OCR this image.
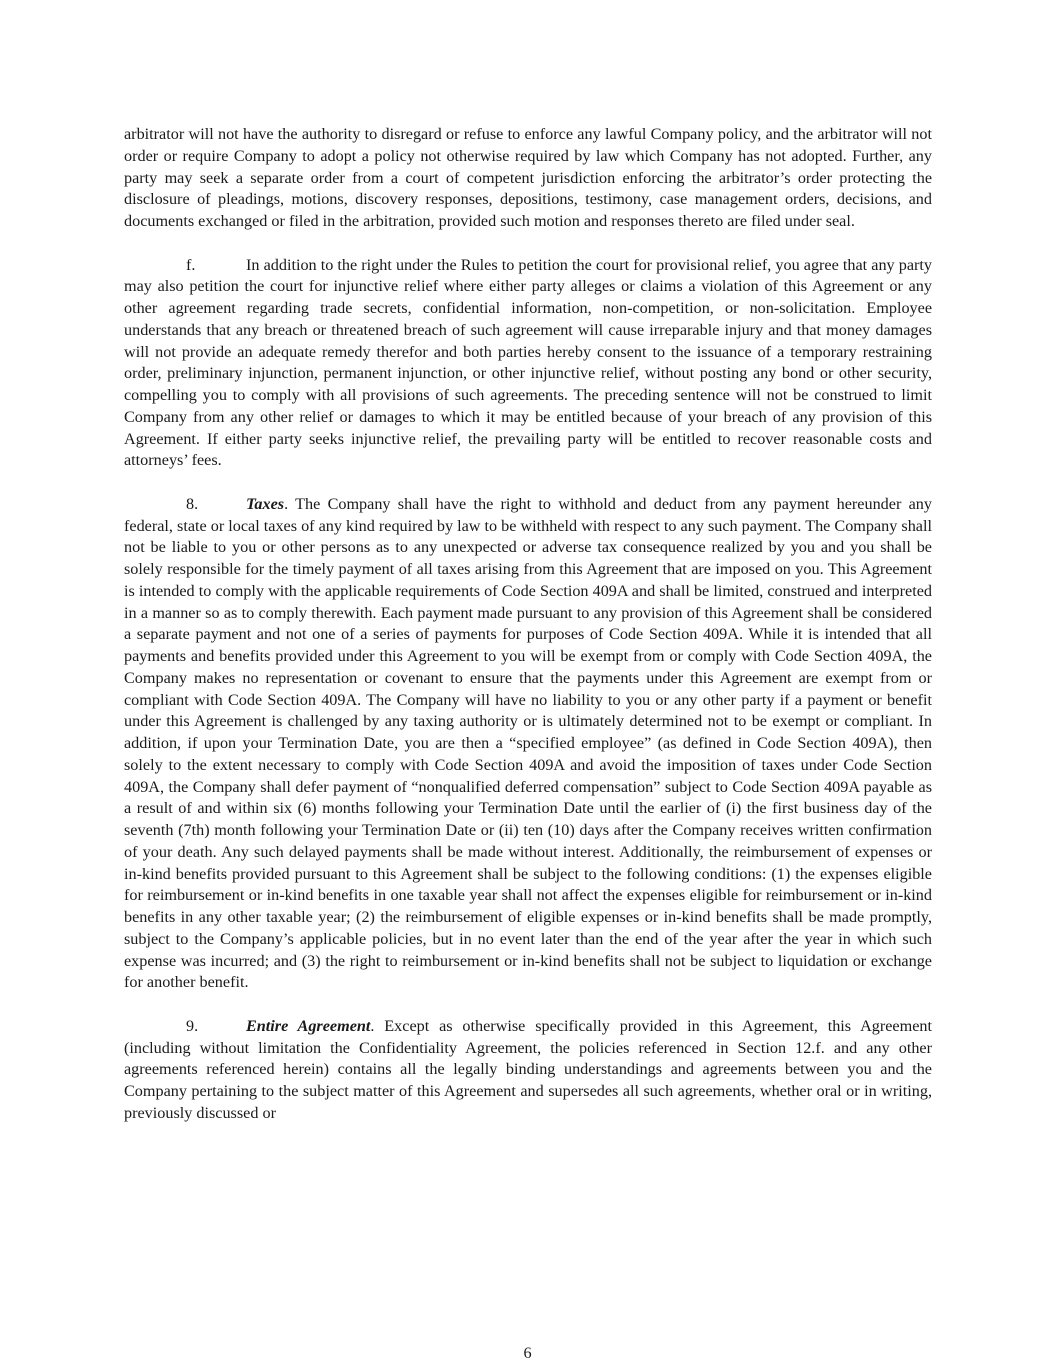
arbitrator will not have the authority to disregard or refuse to enforce any lawful Company policy, and the arbitrator will not order or require Company to adopt a policy not otherwise required by law which Company has not adopted. Further, any party may seek a separate order from a court of competent jurisdiction enforcing the arbitrator’s order protecting the disclosure of pleadings, motions, discovery responses, depositions, testimony, case management orders, decisions, and documents exchanged or filed in the arbitration, provided such motion and responses thereto are filed under seal.

f.	In addition to the right under the Rules to petition the court for provisional relief, you agree that any party may also petition the court for injunctive relief where either party alleges or claims a violation of this Agreement or any other agreement regarding trade secrets, confidential information, non-competition, or non-solicitation. Employee understands that any breach or threatened breach of such agreement will cause irreparable injury and that money damages will not provide an adequate remedy therefor and both parties hereby consent to the issuance of a temporary restraining order, preliminary injunction, permanent injunction, or other injunctive relief, without posting any bond or other security, compelling you to comply with all provisions of such agreements. The preceding sentence will not be construed to limit Company from any other relief or damages to which it may be entitled because of your breach of any provision of this Agreement. If either party seeks injunctive relief, the prevailing party will be entitled to recover reasonable costs and attorneys’ fees.

8.	Taxes. The Company shall have the right to withhold and deduct from any payment hereunder any federal, state or local taxes of any kind required by law to be withheld with respect to any such payment. The Company shall not be liable to you or other persons as to any unexpected or adverse tax consequence realized by you and you shall be solely responsible for the timely payment of all taxes arising from this Agreement that are imposed on you. This Agreement is intended to comply with the applicable requirements of Code Section 409A and shall be limited, construed and interpreted in a manner so as to comply therewith. Each payment made pursuant to any provision of this Agreement shall be considered a separate payment and not one of a series of payments for purposes of Code Section 409A. While it is intended that all payments and benefits provided under this Agreement to you will be exempt from or comply with Code Section 409A, the Company makes no representation or covenant to ensure that the payments under this Agreement are exempt from or compliant with Code Section 409A. The Company will have no liability to you or any other party if a payment or benefit under this Agreement is challenged by any taxing authority or is ultimately determined not to be exempt or compliant. In addition, if upon your Termination Date, you are then a “specified employee” (as defined in Code Section 409A), then solely to the extent necessary to comply with Code Section 409A and avoid the imposition of taxes under Code Section 409A, the Company shall defer payment of “nonqualified deferred compensation” subject to Code Section 409A payable as a result of and within six (6) months following your Termination Date until the earlier of (i) the first business day of the seventh (7th) month following your Termination Date or (ii) ten (10) days after the Company receives written confirmation of your death. Any such delayed payments shall be made without interest. Additionally, the reimbursement of expenses or in-kind benefits provided pursuant to this Agreement shall be subject to the following conditions: (1) the expenses eligible for reimbursement or in-kind benefits in one taxable year shall not affect the expenses eligible for reimbursement or in-kind benefits in any other taxable year; (2) the reimbursement of eligible expenses or in-kind benefits shall be made promptly, subject to the Company’s applicable policies, but in no event later than the end of the year after the year in which such expense was incurred; and (3) the right to reimbursement or in-kind benefits shall not be subject to liquidation or exchange for another benefit.

9.	Entire Agreement. Except as otherwise specifically provided in this Agreement, this Agreement (including without limitation the Confidentiality Agreement, the policies referenced in Section 12.f. and any other agreements referenced herein) contains all the legally binding understandings and agreements between you and the Company pertaining to the subject matter of this Agreement and supersedes all such agreements, whether oral or in writing, previously discussed or

6
